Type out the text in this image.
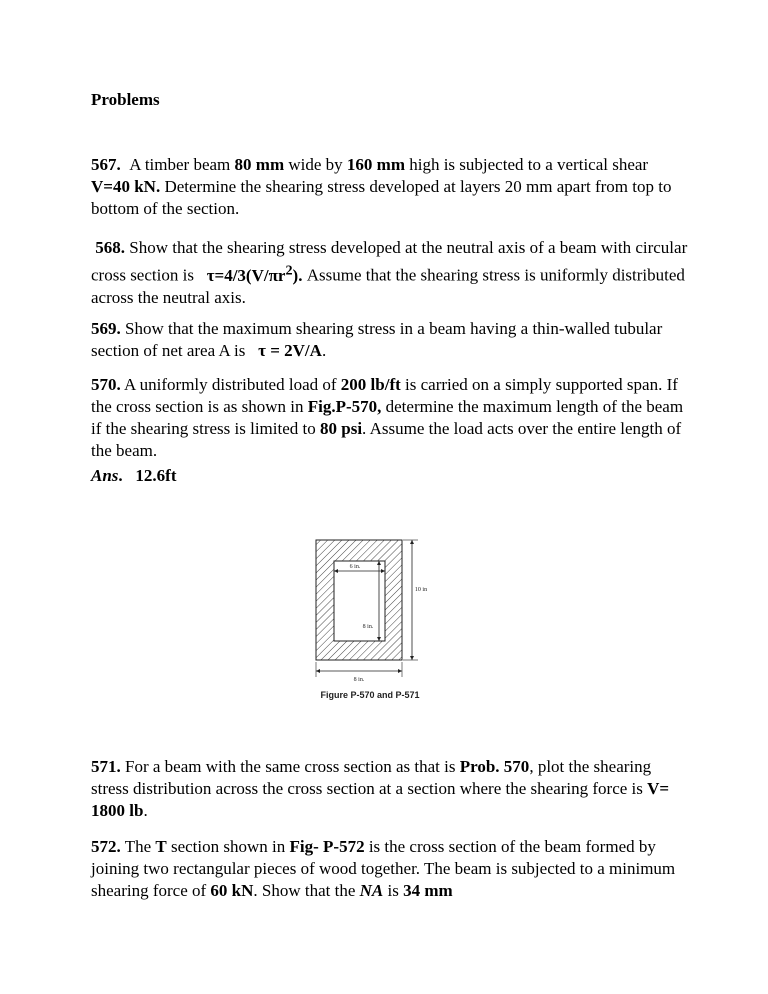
Problems
567. A timber beam 80 mm wide by 160 mm high is subjected to a vertical shear V=40 kN. Determine the shearing stress developed at layers 20 mm apart from top to bottom of the section.
568. Show that the shearing stress developed at the neutral axis of a beam with circular cross section is   $\tau=4/3(V/\pi r^2)$. Assume that the shearing stress is uniformly distributed across the neutral axis.
569. Show that the maximum shearing stress in a beam having a thin-walled tubular section of net area A is   τ = 2V/A.
570. A uniformly distributed load of 200 lb/ft is carried on a simply supported span. If the cross section is as shown in Fig.P-570, determine the maximum length of the beam if the shearing stress is limited to 80 psi. Assume the load acts over the entire length of the beam.
Ans. 12.6ft
6 in.
8 in.
10 in
8 in.
Figure P-570 and P-571
571. For a beam with the same cross section as that is Prob. 570, plot the shearing stress distribution across the cross section at a section where the shearing force is V= 1800 lb.
572. The T section shown in Fig- P-572 is the cross section of the beam formed by joining two rectangular pieces of wood together. The beam is subjected to a minimum shearing force of 60 kN. Show that the NA is 34 mm
